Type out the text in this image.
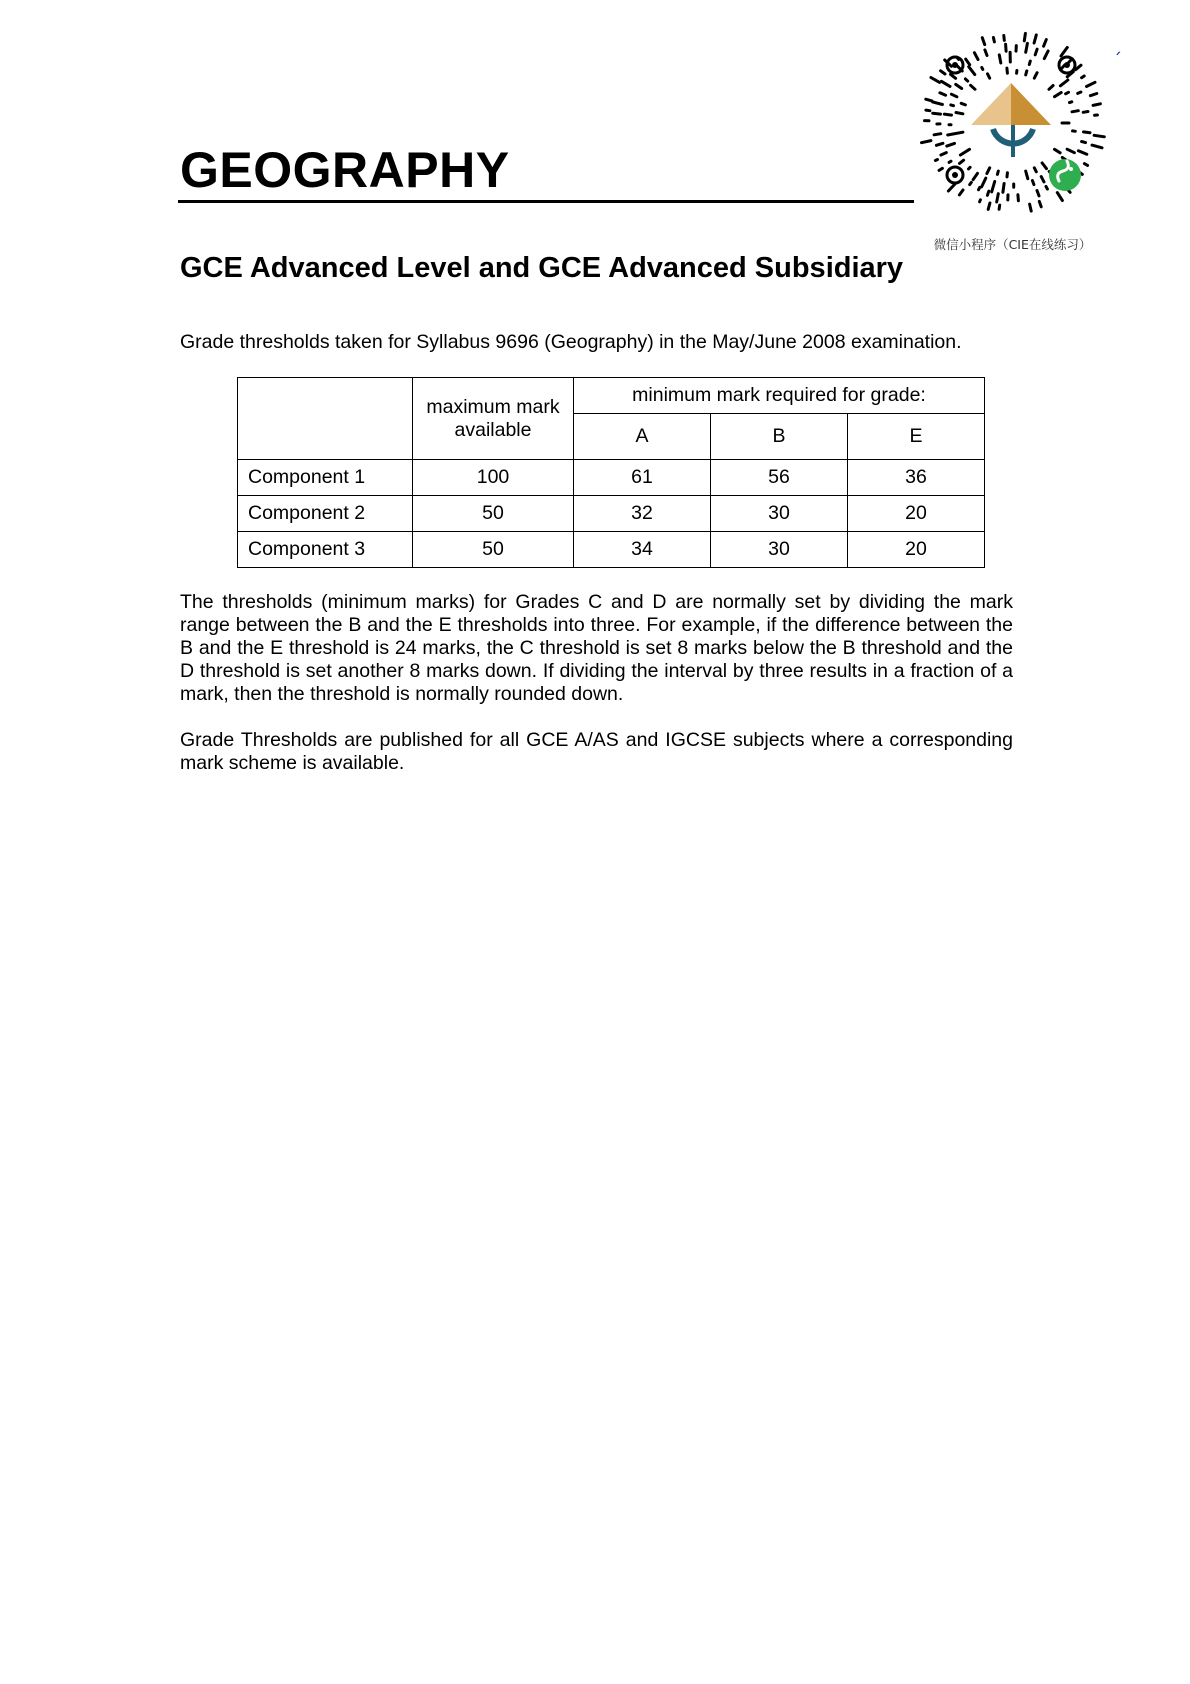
GEOGRAPHY
微信小程序（CIE在线练习）
´
GCE Advanced Level and GCE Advanced Subsidiary

Grade thresholds taken for Syllabus 9696 (Geography) in the May/June 2008 examination.

	maximum mark available	minimum mark required for grade:		
		A	B	E
Component 1	100	61	56	36
Component 2	50	32	30	20
Component 3	50	34	30	20

The thresholds (minimum marks) for Grades C and D are normally set by dividing the mark range between the B and the E thresholds into three. For example, if the difference between the B and the E threshold is 24 marks, the C threshold is set 8 marks below the B threshold and the D threshold is set another 8 marks down. If dividing the interval by three results in a fraction of a mark, then the threshold is normally rounded down.

Grade Thresholds are published for all GCE A/AS and IGCSE subjects where a corresponding mark scheme is available.
